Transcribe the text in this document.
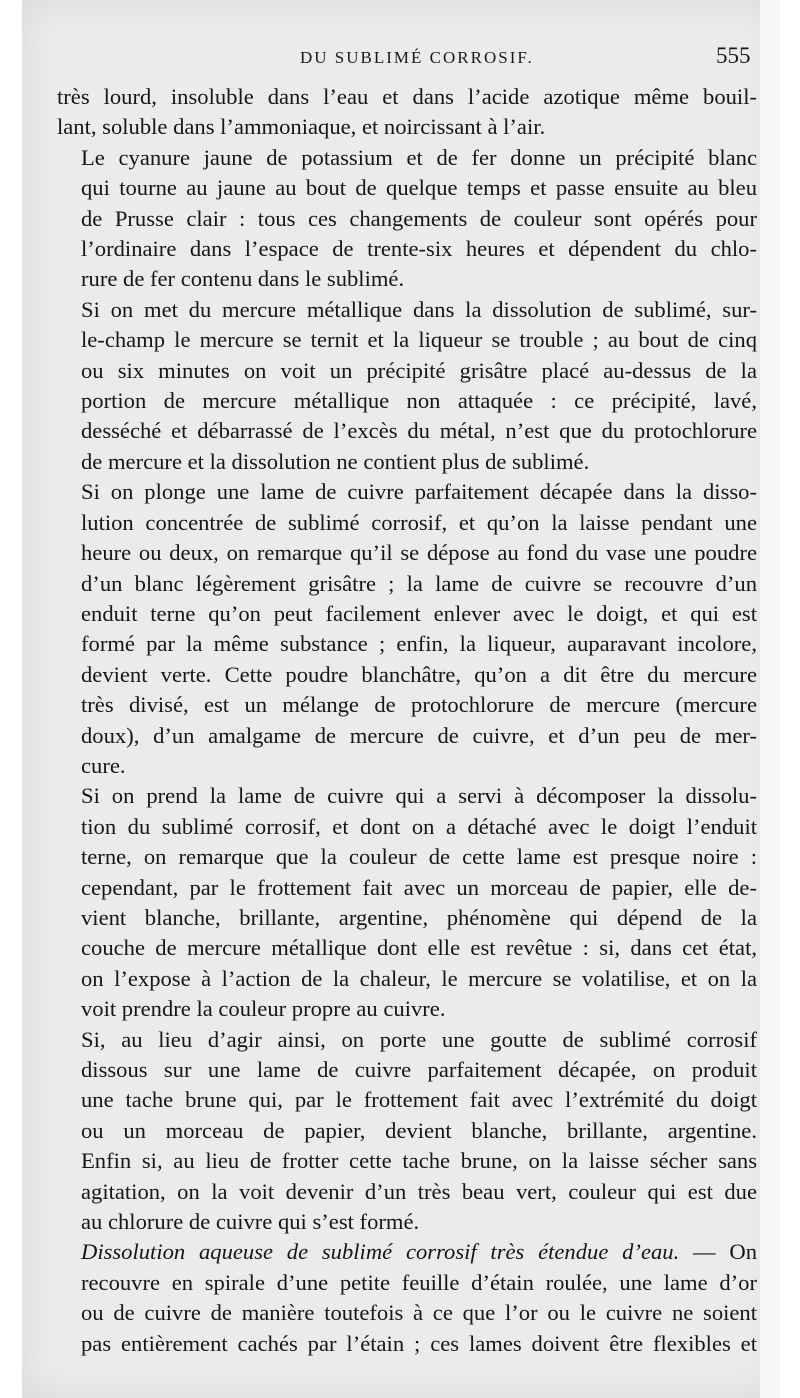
DU SUBLIMÉ CORROSIF.	555

très lourd, insoluble dans l’eau et dans l’acide azotique même bouil-
lant, soluble dans l’ammoniaque, et noircissant à l’air.

Le cyanure jaune de potassium et de fer donne un précipité blanc
qui tourne au jaune au bout de quelque temps et passe ensuite au bleu
de Prusse clair : tous ces changements de couleur sont opérés pour
l’ordinaire dans l’espace de trente-six heures et dépendent du chlo-
rure de fer contenu dans le sublimé.

Si on met du mercure métallique dans la dissolution de sublimé, sur-
le-champ le mercure se ternit et la liqueur se trouble ; au bout de cinq
ou six minutes on voit un précipité grisâtre placé au-dessus de la
portion de mercure métallique non attaquée : ce précipité, lavé,
desséché et débarrassé de l’excès du métal, n’est que du protochlorure
de mercure et la dissolution ne contient plus de sublimé.

Si on plonge une lame de cuivre parfaitement décapée dans la disso-
lution concentrée de sublimé corrosif, et qu’on la laisse pendant une
heure ou deux, on remarque qu’il se dépose au fond du vase une poudre
d’un blanc légèrement grisâtre ; la lame de cuivre se recouvre d’un
enduit terne qu’on peut facilement enlever avec le doigt, et qui est
formé par la même substance ; enfin, la liqueur, auparavant incolore,
devient verte. Cette poudre blanchâtre, qu’on a dit être du mercure
très divisé, est un mélange de protochlorure de mercure (mercure
doux), d’un amalgame de mercure de cuivre, et d’un peu de mer-
cure.

Si on prend la lame de cuivre qui a servi à décomposer la dissolu-
tion du sublimé corrosif, et dont on a détaché avec le doigt l’enduit
terne, on remarque que la couleur de cette lame est presque noire :
cependant, par le frottement fait avec un morceau de papier, elle de-
vient blanche, brillante, argentine, phénomène qui dépend de la
couche de mercure métallique dont elle est revêtue : si, dans cet état,
on l’expose à l’action de la chaleur, le mercure se volatilise, et on la
voit prendre la couleur propre au cuivre.

Si, au lieu d’agir ainsi, on porte une goutte de sublimé corrosif
dissous sur une lame de cuivre parfaitement décapée, on produit
une tache brune qui, par le frottement fait avec l’extrémité du doigt
ou un morceau de papier, devient blanche, brillante, argentine.
Enfin si, au lieu de frotter cette tache brune, on la laisse sécher sans
agitation, on la voit devenir d’un très beau vert, couleur qui est due
au chlorure de cuivre qui s’est formé.

Dissolution aqueuse de sublimé corrosif très étendue d’eau. — On
recouvre en spirale d’une petite feuille d’étain roulée, une lame d’or
ou de cuivre de manière toutefois à ce que l’or ou le cuivre ne soient
pas entièrement cachés par l’étain ; ces lames doivent être flexibles et
